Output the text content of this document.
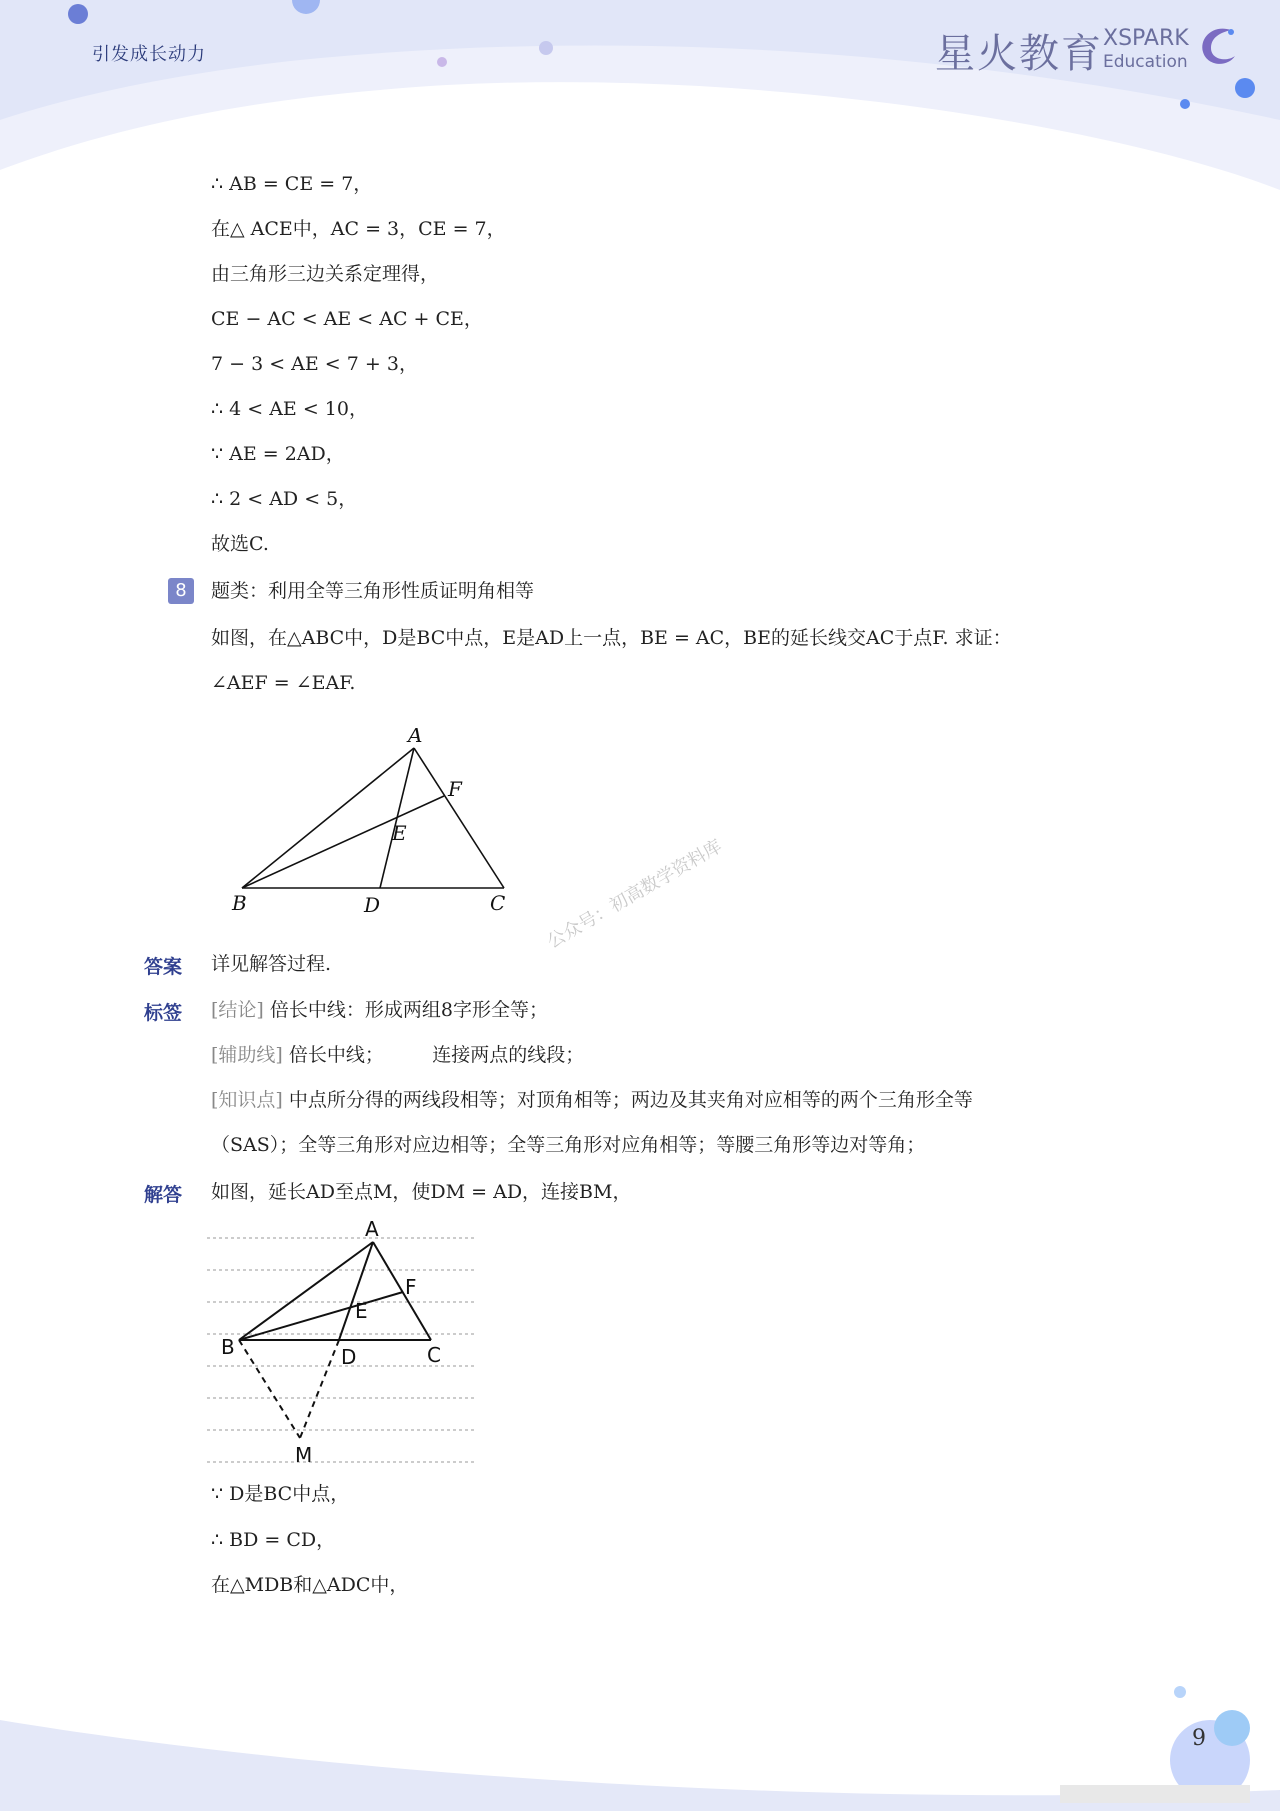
引发成长动力	星火教育 XSPARK
Education
∴ AB = CE = 7，
在△ ACE中，AC = 3，CE = 7，
由三角形三边关系定理得，
CE − AC < AE < AC + CE，
7 − 3 < AE < 7 + 3，
∴ 4 < AE < 10，
∵ AE = 2AD，
∴ 2 < AD < 5，
故选C.
8	题类：利用全等三角形性质证明角相等
如图，在△ABC中，D是BC中点，E是AD上一点，BE = AC，BE的延长线交AC于点F. 求证：
∠AEF = ∠EAF.
A
B	C
D
E
F
公众号：初高数学资料库
答案 详见解答过程.
标签 [结论] 倍长中线：形成两组8字形全等；
[辅助线] 倍长中线；        连接两点的线段；
[知识点] 中点所分得的两线段相等；对顶角相等；两边及其夹角对应相等的两个三角形全等
（SAS）；全等三角形对应边相等；全等三角形对应角相等；等腰三角形等边对等角；
解答 如图，延长AD至点M，使DM = AD，连接BM，
A
B	C
D
E
F
M
∵ D是BC中点，
∴ BD = CD，
在△MDB和△ADC中，
9
